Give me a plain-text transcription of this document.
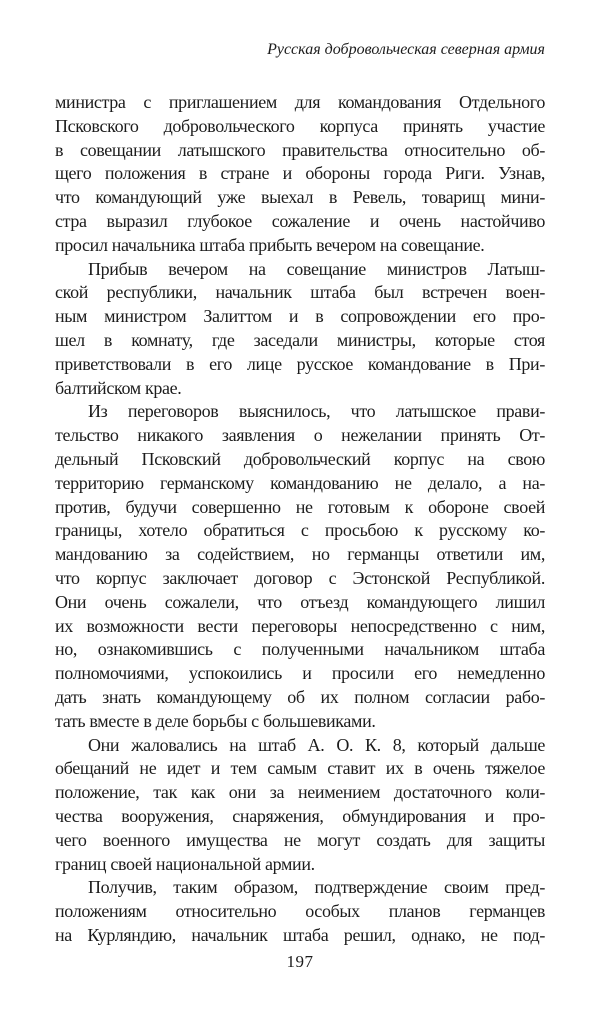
Русская добровольческая северная армия

министра с приглашением для командования Отдельного
Псковского добровольческого корпуса принять участие
в совещании латышского правительства относительно об-
щего положения в стране и обороны города Риги. Узнав,
что командующий уже выехал в Ревель, товарищ мини-
стра выразил глубокое сожаление и очень настойчиво
просил начальника штаба прибыть вечером на совещание.

Прибыв вечером на совещание министров Латыш-
ской республики, начальник штаба был встречен воен-
ным министром Залиттом и в сопровождении его про-
шел в комнату, где заседали министры, которые стоя
приветствовали в его лице русское командование в При-
балтийском крае.

Из переговоров выяснилось, что латышское прави-
тельство никакого заявления о нежелании принять От-
дельный Псковский добровольческий корпус на свою
территорию германскому командованию не делало, а на-
против, будучи совершенно не готовым к обороне своей
границы, хотело обратиться с просьбою к русскому ко-
мандованию за содействием, но германцы ответили им,
что корпус заключает договор с Эстонской Республикой.
Они очень сожалели, что отъезд командующего лишил
их возможности вести переговоры непосредственно с ним,
но, ознакомившись с полученными начальником штаба
полномочиями, успокоились и просили его немедленно
дать знать командующему об их полном согласии рабо-
тать вместе в деле борьбы с большевиками.

Они жаловались на штаб А. О. К. 8, который дальше
обещаний не идет и тем самым ставит их в очень тяжелое
положение, так как они за неимением достаточного коли-
чества вооружения, снаряжения, обмундирования и про-
чего военного имущества не могут создать для защиты
границ своей национальной армии.

Получив, таким образом, подтверждение своим пред-
положениям относительно особых планов германцев
на Курляндию, начальник штаба решил, однако, не под-

197
